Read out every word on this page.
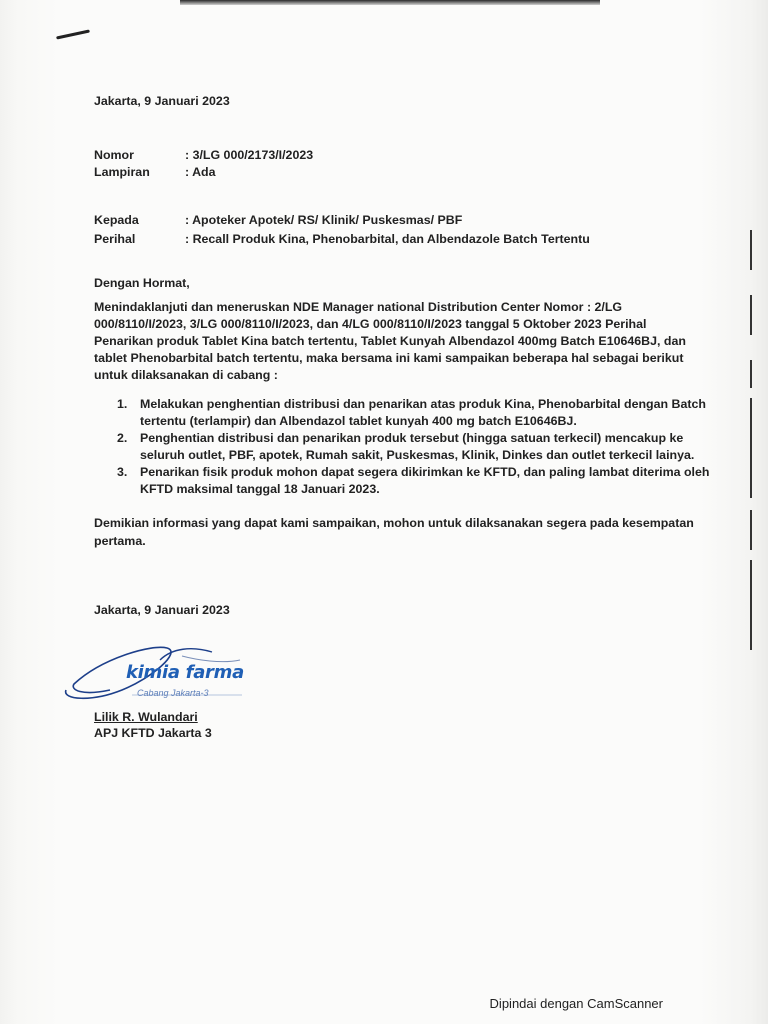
Jakarta, 9 Januari 2023
Nomor	: 3/LG 000/2173/I/2023
Lampiran	: Ada
Kepada	: Apoteker Apotek/ RS/ Klinik/ Puskesmas/ PBF
Perihal	: Recall Produk Kina, Phenobarbital, dan Albendazole Batch Tertentu
Dengan Hormat,
Menindaklanjuti dan meneruskan NDE Manager national Distribution Center Nomor : 2/LG
000/8110/I/2023, 3/LG 000/8110/I/2023, dan 4/LG 000/8110/I/2023 tanggal 5 Oktober 2023 Perihal
Penarikan produk Tablet Kina batch tertentu, Tablet Kunyah Albendazol 400mg Batch E10646BJ, dan
tablet Phenobarbital batch tertentu, maka bersama ini kami sampaikan beberapa hal sebagai berikut
untuk dilaksanakan di cabang :
1. Melakukan penghentian distribusi dan penarikan atas produk Kina, Phenobarbital dengan Batch
tertentu (terlampir) dan Albendazol tablet kunyah 400 mg batch E10646BJ.
2. Penghentian distribusi dan penarikan produk tersebut (hingga satuan terkecil) mencakup ke
seluruh outlet, PBF, apotek, Rumah sakit, Puskesmas, Klinik, Dinkes dan outlet terkecil lainya.
3. Penarikan fisik produk mohon dapat segera dikirimkan ke KFTD, dan paling lambat diterima oleh
KFTD maksimal tanggal 18 Januari 2023.
Demikian informasi yang dapat kami sampaikan, mohon untuk dilaksanakan segera pada kesempatan
pertama.
Jakarta, 9 Januari 2023
kimia farma
Cabang Jakarta-3
Lilik R. Wulandari
APJ KFTD Jakarta 3
Dipindai dengan CamScanner
